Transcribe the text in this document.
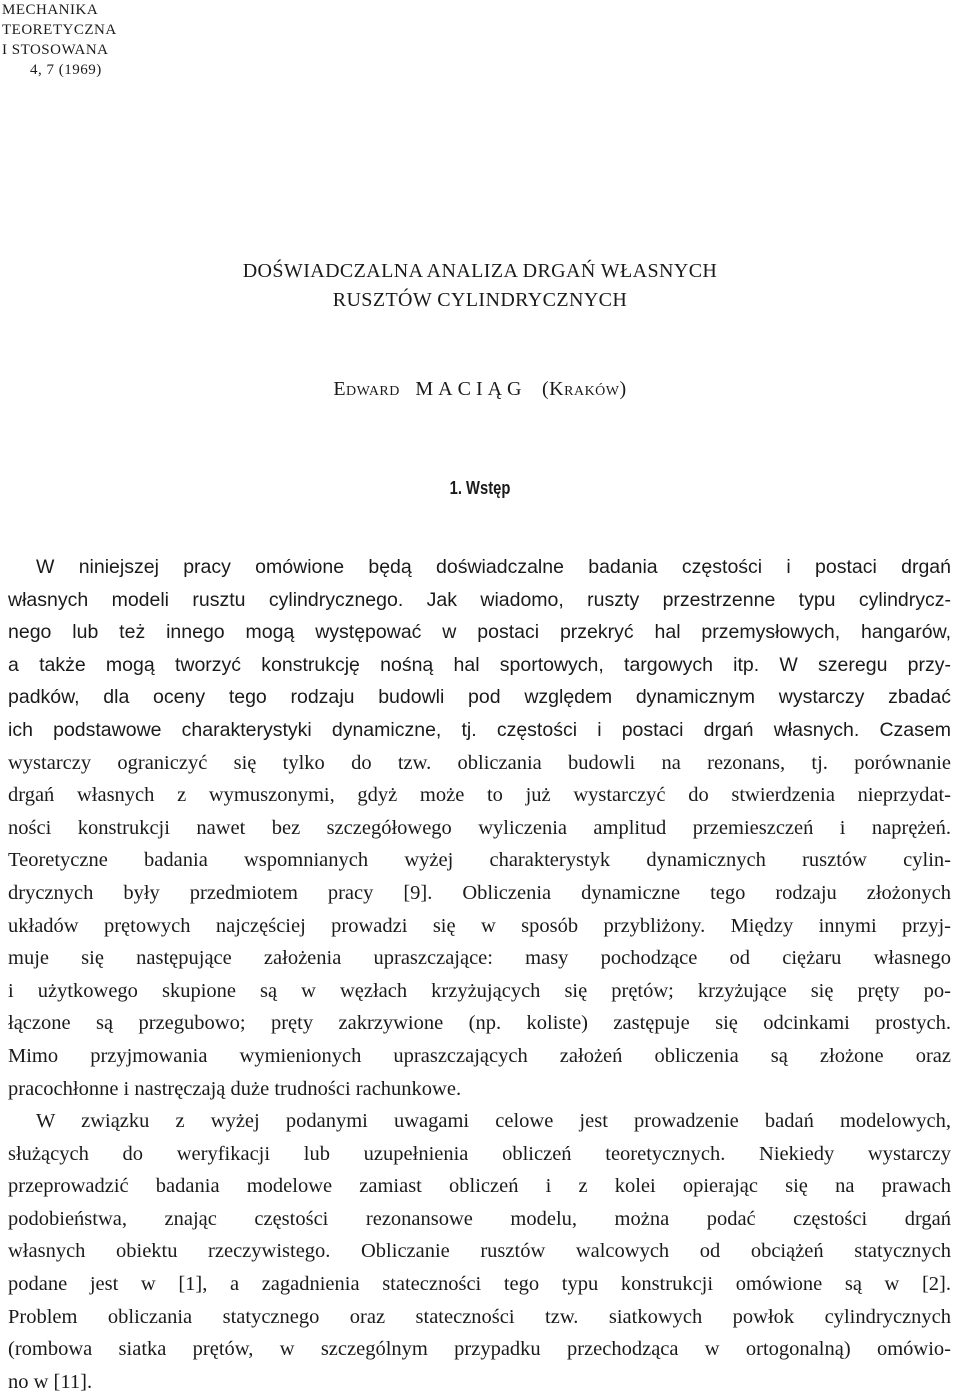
MECHANIKA
TEORETYCZNA
I STOSOWANA
4, 7 (1969)
DOŚWIADCZALNA ANALIZA DRGAŃ WŁASNYCH
RUSZTÓW CYLINDRYCZNYCH
Edward MACIĄG (Kraków)
1. Wstęp
W niniejszej pracy omówione będą doświadczalne badania częstości i postaci drgań
własnych modeli rusztu cylindrycznego. Jak wiadomo, ruszty przestrzenne typu cylindrycz-
nego lub też innego mogą występować w postaci przekryć hal przemysłowych, hangarów,
a także mogą tworzyć konstrukcję nośną hal sportowych, targowych itp. W szeregu przy-
padków, dla oceny tego rodzaju budowli pod względem dynamicznym wystarczy zbadać
ich podstawowe charakterystyki dynamiczne, tj. częstości i postaci drgań własnych. Czasem
wystarczy ograniczyć się tylko do tzw. obliczania budowli na rezonans, tj. porównanie
drgań własnych z wymuszonymi, gdyż może to już wystarczyć do stwierdzenia nieprzydat-
ności konstrukcji nawet bez szczegółowego wyliczenia amplitud przemieszczeń i naprężeń.
Teoretyczne badania wspomnianych wyżej charakterystyk dynamicznych rusztów cylin-
drycznych były przedmiotem pracy [9]. Obliczenia dynamiczne tego rodzaju złożonych
układów prętowych najczęściej prowadzi się w sposób przybliżony. Między innymi przyj-
muje się następujące założenia upraszczające: masy pochodzące od ciężaru własnego
i użytkowego skupione są w węzłach krzyżujących się prętów; krzyżujące się pręty po-
łączone są przegubowo; pręty zakrzywione (np. koliste) zastępuje się odcinkami prostych.
Mimo przyjmowania wymienionych upraszczających założeń obliczenia są złożone oraz
pracochłonne i nastręczają duże trudności rachunkowe.
W związku z wyżej podanymi uwagami celowe jest prowadzenie badań modelowych,
służących do weryfikacji lub uzupełnienia obliczeń teoretycznych. Niekiedy wystarczy
przeprowadzić badania modelowe zamiast obliczeń i z kolei opierając się na prawach
podobieństwa, znając częstości rezonansowe modelu, można podać częstości drgań
własnych obiektu rzeczywistego. Obliczanie rusztów walcowych od obciążeń statycznych
podane jest w [1], a zagadnienia stateczności tego typu konstrukcji omówione są w [2].
Problem obliczania statycznego oraz stateczności tzw. siatkowych powłok cylindrycznych
(rombowa siatka prętów, w szczególnym przypadku przechodząca w ortogonalną) omówio-
no w [11].
